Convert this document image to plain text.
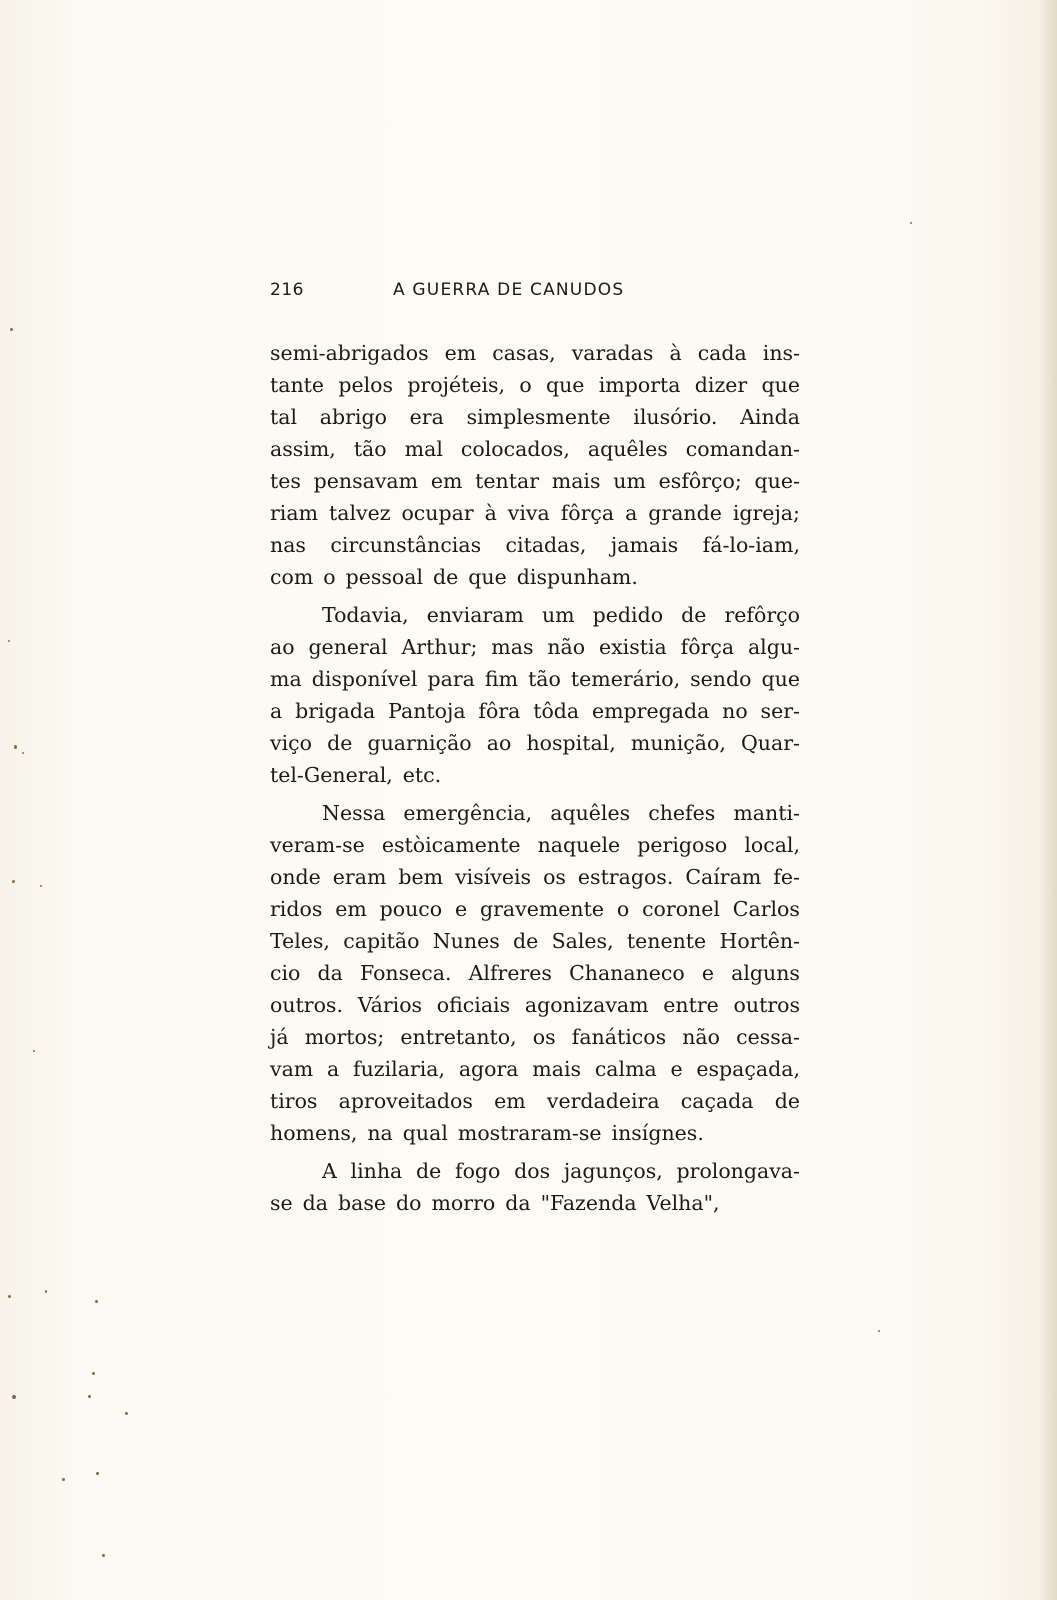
216	A GUERRA DE CANUDOS
semi-abrigados em casas, varadas à cada ins-
tante pelos projéteis, o que importa dizer que
tal abrigo era simplesmente ilusório. Ainda
assim, tão mal colocados, aquêles comandan-
tes pensavam em tentar mais um esfôrço; que-
riam talvez ocupar à viva fôrça a grande igreja;
nas circunstâncias citadas, jamais fá-lo-iam,
com o pessoal de que dispunham.
Todavia, enviaram um pedido de refôrço
ao general Arthur; mas não existia fôrça algu-
ma disponível para fim tão temerário, sendo que
a brigada Pantoja fôra tôda empregada no ser-
viço de guarnição ao hospital, munição, Quar-
tel-General, etc.
Nessa emergência, aquêles chefes manti-
veram-se estòicamente naquele perigoso local,
onde eram bem visíveis os estragos. Caíram fe-
ridos em pouco e gravemente o coronel Carlos
Teles, capitão Nunes de Sales, tenente Hortên-
cio da Fonseca. Alfreres Chananeco e alguns
outros. Vários oficiais agonizavam entre outros
já mortos; entretanto, os fanáticos não cessa-
vam a fuzilaria, agora mais calma e espaçada,
tiros aproveitados em verdadeira caçada de
homens, na qual mostraram-se insígnes.
A linha de fogo dos jagunços, prolongava-
se da base do morro da "Fazenda Velha",
